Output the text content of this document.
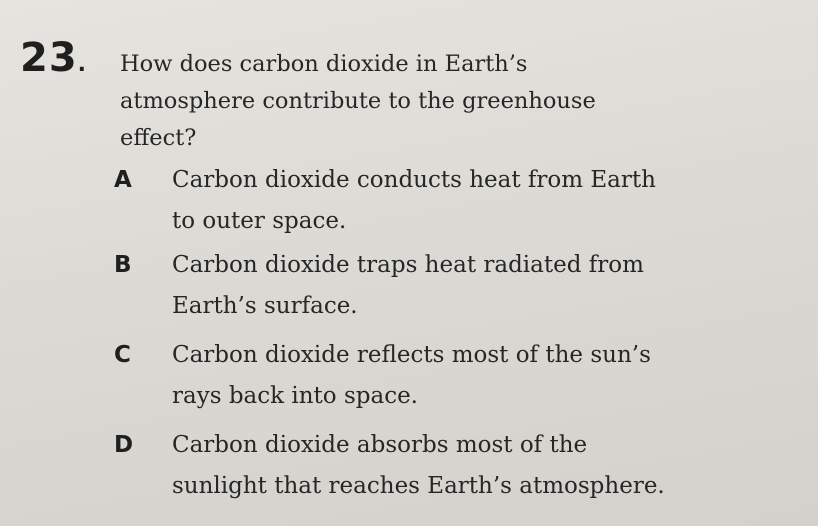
23. How does carbon dioxide in Earth’s
atmosphere contribute to the greenhouse
effect?
A Carbon dioxide conducts heat from Earth
to outer space.
B Carbon dioxide traps heat radiated from
Earth’s surface.
C Carbon dioxide reflects most of the sun’s
rays back into space.
D Carbon dioxide absorbs most of the
sunlight that reaches Earth’s atmosphere.
